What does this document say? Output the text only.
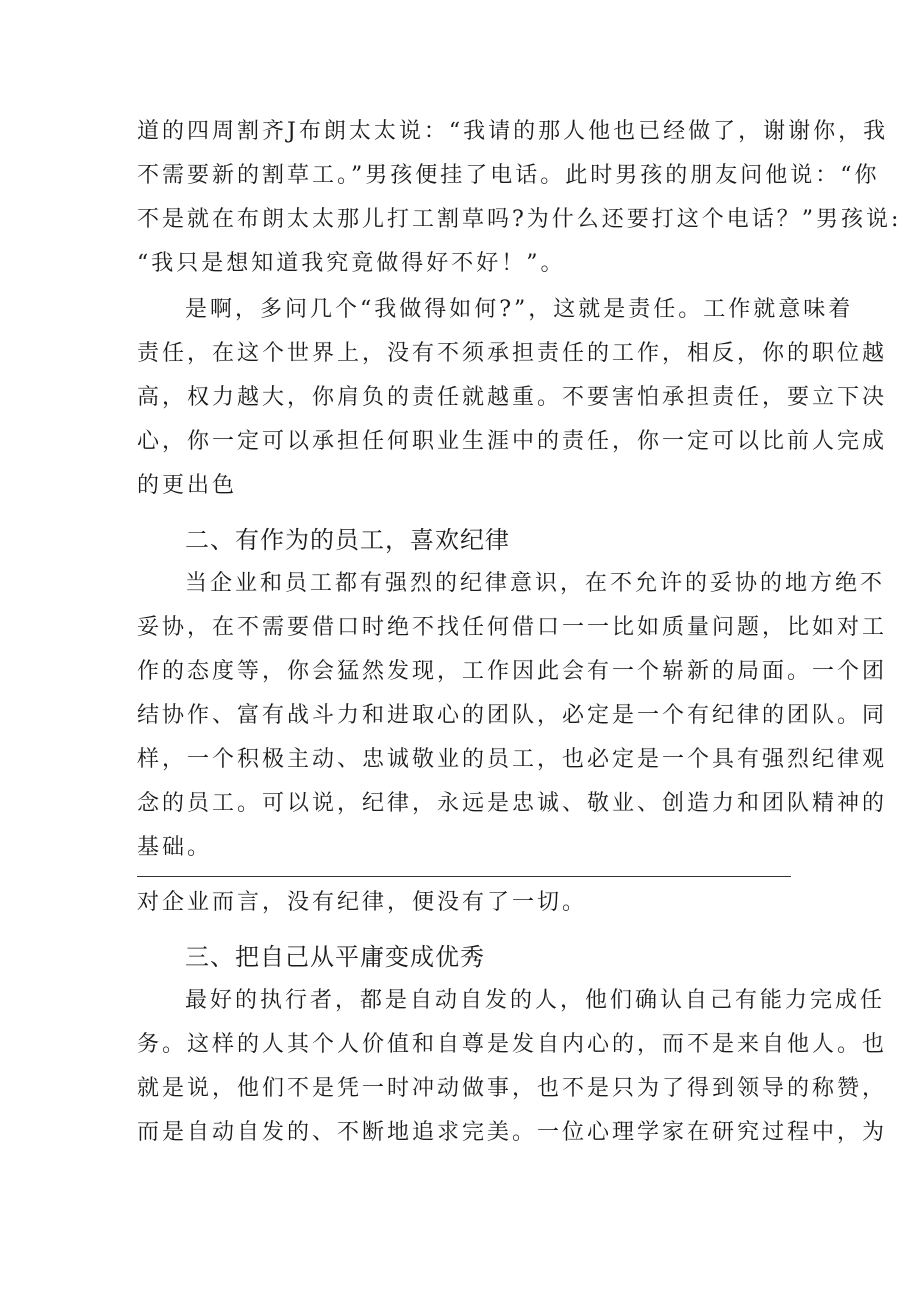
道的四周割齐J布朗太太说：“我请的那人他也已经做了，谢谢你，我
不需要新的割草工。”男孩便挂了电话。此时男孩的朋友问他说：“你
不是就在布朗太太那儿打工割草吗?为什么还要打这个电话？”男孩说:
“我只是想知道我究竟做得好不好！”。
是啊，多问几个“我做得如何?”，这就是责任。工作就意味着
责任，在这个世界上，没有不须承担责任的工作，相反，你的职位越
高，权力越大，你肩负的责任就越重。不要害怕承担责任，要立下决
心，你一定可以承担任何职业生涯中的责任，你一定可以比前人完成
的更出色
二、有作为的员工，喜欢纪律
当企业和员工都有强烈的纪律意识，在不允许的妥协的地方绝不
妥协，在不需要借口时绝不找任何借口一一比如质量问题，比如对工
作的态度等，你会猛然发现，工作因此会有一个崭新的局面。一个团
结协作、富有战斗力和进取心的团队，必定是一个有纪律的团队。同
样，一个积极主动、忠诚敬业的员工，也必定是一个具有强烈纪律观
念的员工。可以说，纪律，永远是忠诚、敬业、创造力和团队精神的
基础。
对企业而言，没有纪律，便没有了一切。
三、把自己从平庸变成优秀
最好的执行者，都是自动自发的人，他们确认自己有能力完成任
务。这样的人其个人价值和自尊是发自内心的，而不是来自他人。也
就是说，他们不是凭一时冲动做事，也不是只为了得到领导的称赞，
而是自动自发的、不断地追求完美。一位心理学家在研究过程中，为
